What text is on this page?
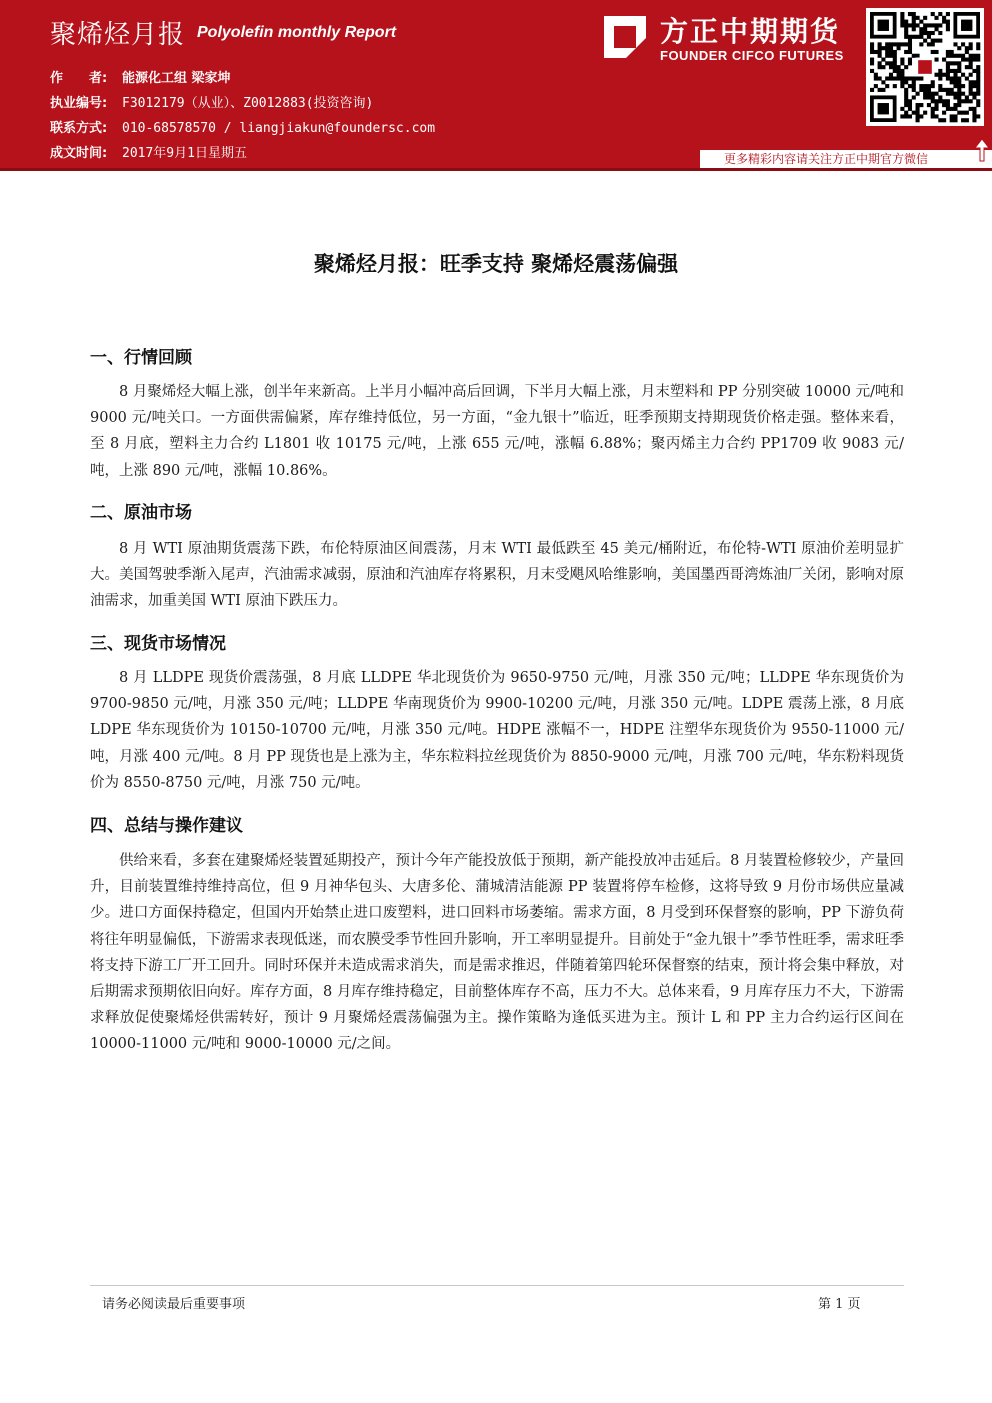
聚烯烃月报 Polyolefin monthly Report
作　　者: 能源化工组 梁家坤
执业编号: F3012179（从业）、Z0012883(投资咨询)
联系方式: 010-68578570 / liangjiakun@foundersc.com
成文时间: 2017年9月1日星期五
方正中期期货
FOUNDER CIFCO FUTURES
更多精彩内容请关注方正中期官方微信
聚烯烃月报：旺季支持 聚烯烃震荡偏强
一、行情回顾
8 月聚烯烃大幅上涨，创半年来新高。上半月小幅冲高后回调，下半月大幅上涨，月末塑料和 PP 分别突破 10000 元/吨和 9000 元/吨关口。一方面供需偏紧，库存维持低位，另一方面，“金九银十”临近，旺季预期支持期现货价格走强。整体来看，至 8 月底，塑料主力合约 L1801 收 10175 元/吨，上涨 655 元/吨，涨幅 6.88%；聚丙烯主力合约 PP1709 收 9083 元/吨，上涨 890 元/吨，涨幅 10.86%。
二、原油市场
8 月 WTI 原油期货震荡下跌，布伦特原油区间震荡，月末 WTI 最低跌至 45 美元/桶附近，布伦特-WTI 原油价差明显扩大。美国驾驶季渐入尾声，汽油需求减弱，原油和汽油库存将累积，月末受飓风哈维影响，美国墨西哥湾炼油厂关闭，影响对原油需求，加重美国 WTI 原油下跌压力。
三、现货市场情况
8 月 LLDPE 现货价震荡强，8 月底 LLDPE 华北现货价为 9650-9750 元/吨，月涨 350 元/吨；LLDPE 华东现货价为 9700-9850 元/吨，月涨 350 元/吨；LLDPE 华南现货价为 9900-10200 元/吨，月涨 350 元/吨。LDPE 震荡上涨，8 月底 LDPE 华东现货价为 10150-10700 元/吨，月涨 350 元/吨。HDPE 涨幅不一，HDPE 注塑华东现货价为 9550-11000 元/吨，月涨 400 元/吨。8 月 PP 现货也是上涨为主，华东粒料拉丝现货价为 8850-9000 元/吨，月涨 700 元/吨，华东粉料现货价为 8550-8750 元/吨，月涨 750 元/吨。
四、总结与操作建议
供给来看，多套在建聚烯烃装置延期投产，预计今年产能投放低于预期，新产能投放冲击延后。8 月装置检修较少，产量回升，目前装置维持维持高位，但 9 月神华包头、大唐多伦、蒲城清洁能源 PP 装置将停车检修，这将导致 9 月份市场供应量减少。进口方面保持稳定，但国内开始禁止进口废塑料，进口回料市场萎缩。需求方面，8 月受到环保督察的影响，PP 下游负荷将往年明显偏低，下游需求表现低迷，而农膜受季节性回升影响，开工率明显提升。目前处于“金九银十”季节性旺季，需求旺季将支持下游工厂开工回升。同时环保并未造成需求消失，而是需求推迟，伴随着第四轮环保督察的结束，预计将会集中释放，对后期需求预期依旧向好。库存方面，8 月库存维持稳定，目前整体库存不高，压力不大。总体来看，9 月库存压力不大，下游需求释放促使聚烯烃供需转好，预计 9 月聚烯烃震荡偏强为主。操作策略为逢低买进为主。预计 L 和 PP 主力合约运行区间在 10000-11000 元/吨和 9000-10000 元/之间。
请务必阅读最后重要事项	第 1 页
